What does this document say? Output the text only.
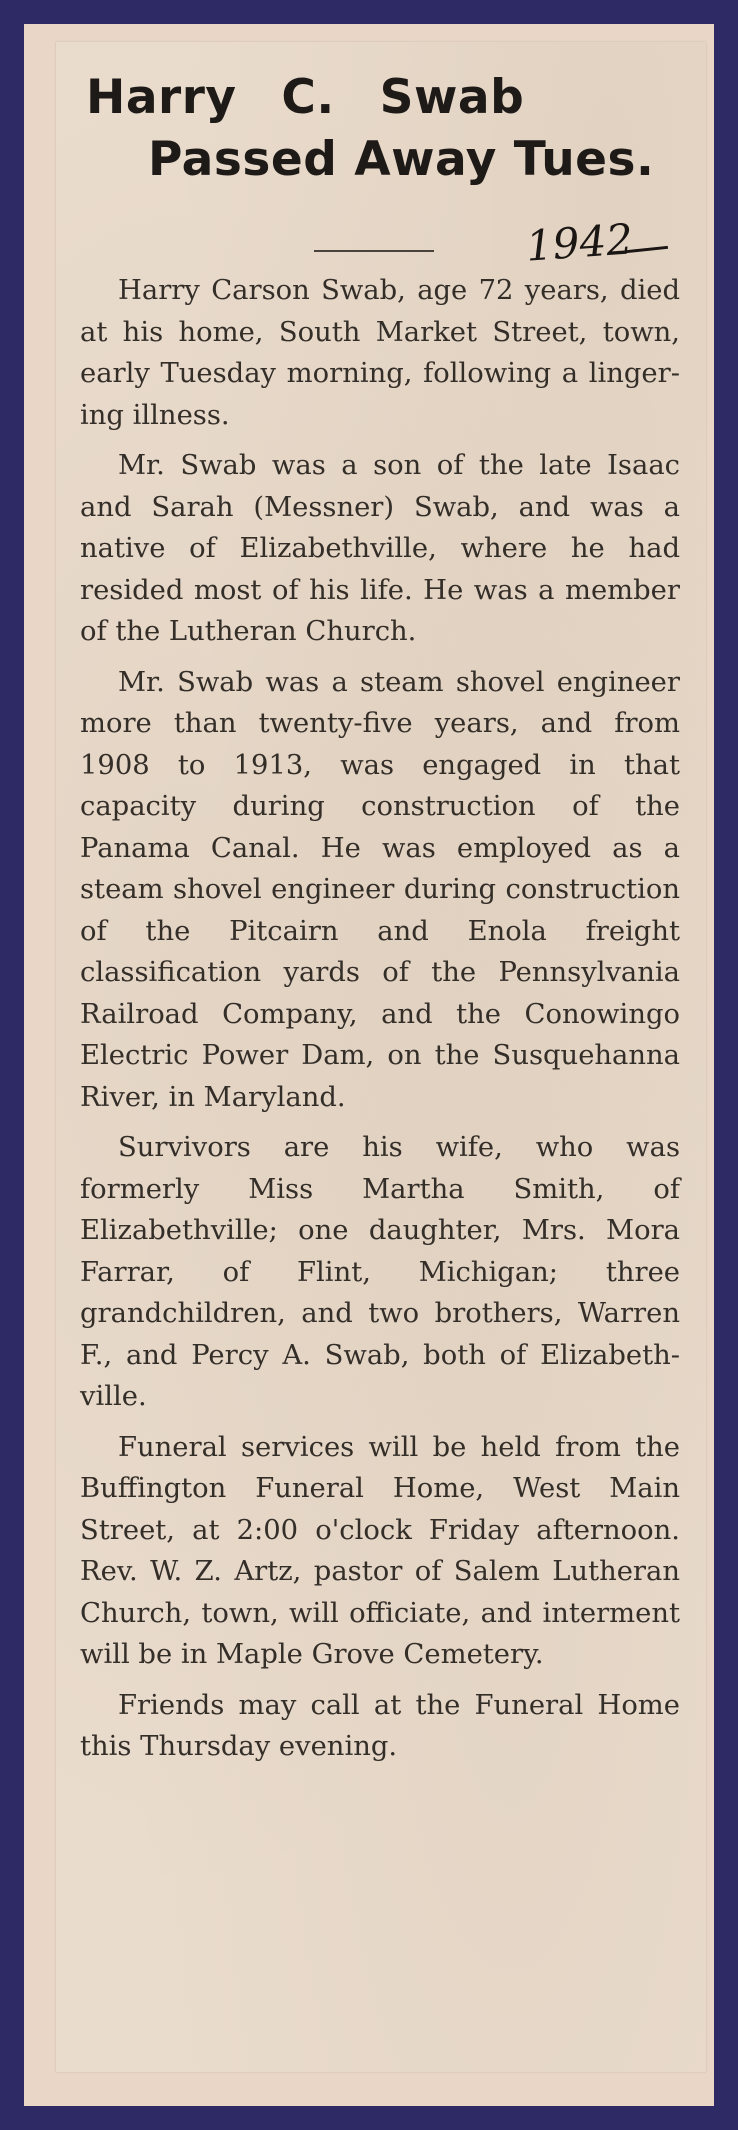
Harry C. Swab
Passed Away Tues.
1942

Harry Carson Swab, age 72 years, died at his home, South Market Street, town, early Tuesday morning, following a lingering illness.

Mr. Swab was a son of the late Isaac and Sarah (Messner) Swab, and was a native of Elizabethville, where he had resided most of his life. He was a member of the Lutheran Church.

Mr. Swab was a steam shovel engineer more than twenty-five years, and from 1908 to 1913, was engaged in that capacity during construction of the Panama Canal. He was employed as a steam shovel engineer during construction of the Pitcairn and Enola freight classification yards of the Pennsylvania Railroad Company, and the Conowingo Electric Power Dam, on the Susquehanna River, in Maryland.

Survivors are his wife, who was formerly Miss Martha Smith, of Elizabethville; one daughter, Mrs. Mora Farrar, of Flint, Michigan; three grandchildren, and two brothers, Warren F., and Percy A. Swab, both of Elizabethville.

Funeral services will be held from the Buffington Funeral Home, West Main Street, at 2:00 o'clock Friday afternoon. Rev. W. Z. Artz, pastor of Salem Lutheran Church, town, will officiate, and interment will be in Maple Grove Cemetery.

Friends may call at the Funeral Home this Thursday evening.
